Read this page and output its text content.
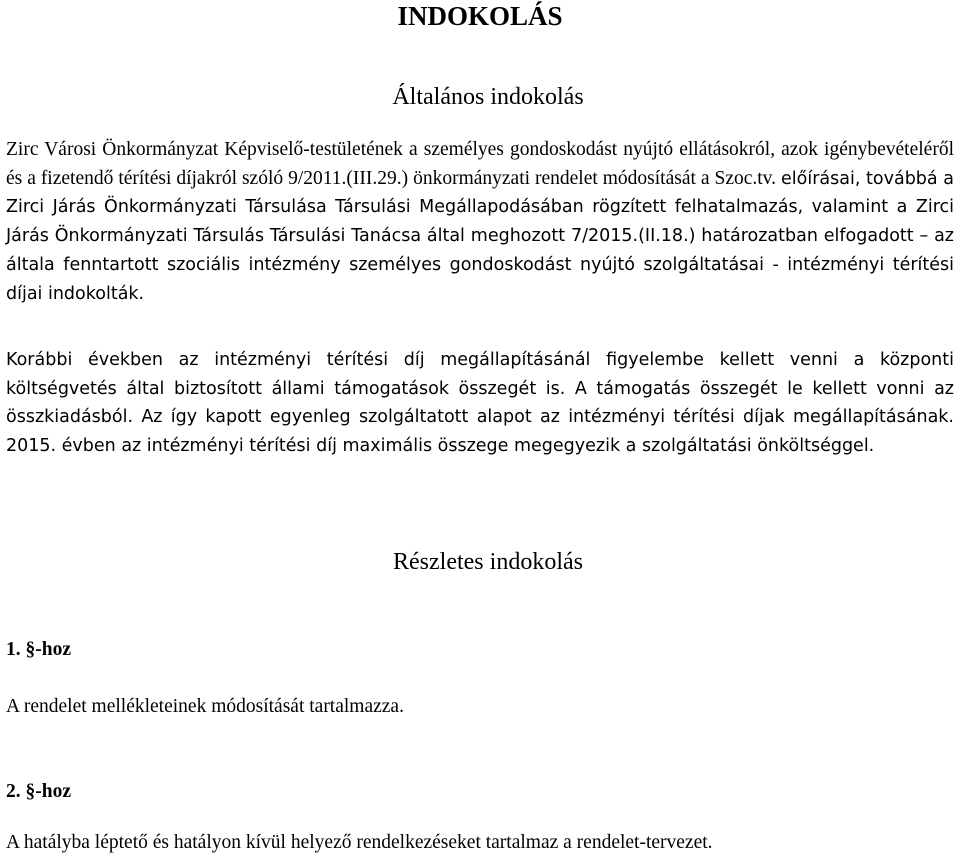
INDOKOLÁS
Általános indokolás

Zirc Városi Önkormányzat Képviselő-testületének a személyes gondoskodást nyújtó ellátásokról, azok igénybevételéről és a fizetendő térítési díjakról szóló 9/2011.(III.29.) önkormányzati rendelet módosítását a Szoc.tv. előírásai, továbbá a Zirci Járás Önkormányzati Társulása Társulási Megállapodásában rögzített felhatalmazás, valamint a Zirci Járás Önkormányzati Társulás Társulási Tanácsa által meghozott 7/2015.(II.18.) határozatban elfogadott – az általa fenntartott szociális intézmény személyes gondoskodást nyújtó szolgáltatásai - intézményi térítési díjai indokolták.

Korábbi években az intézményi térítési díj megállapításánál figyelembe kellett venni a központi költségvetés által biztosított állami támogatások összegét is. A támogatás összegét le kellett vonni az összkiadásból. Az így kapott egyenleg szolgáltatott alapot az intézményi térítési díjak megállapításának. 2015. évben az intézményi térítési díj maximális összege megegyezik a szolgáltatási önköltséggel.

Részletes indokolás
1. §-hoz

A rendelet mellékleteinek módosítását tartalmazza.

2. §-hoz

A hatályba léptető és hatályon kívül helyező rendelkezéseket tartalmaz a rendelet-tervezet.
